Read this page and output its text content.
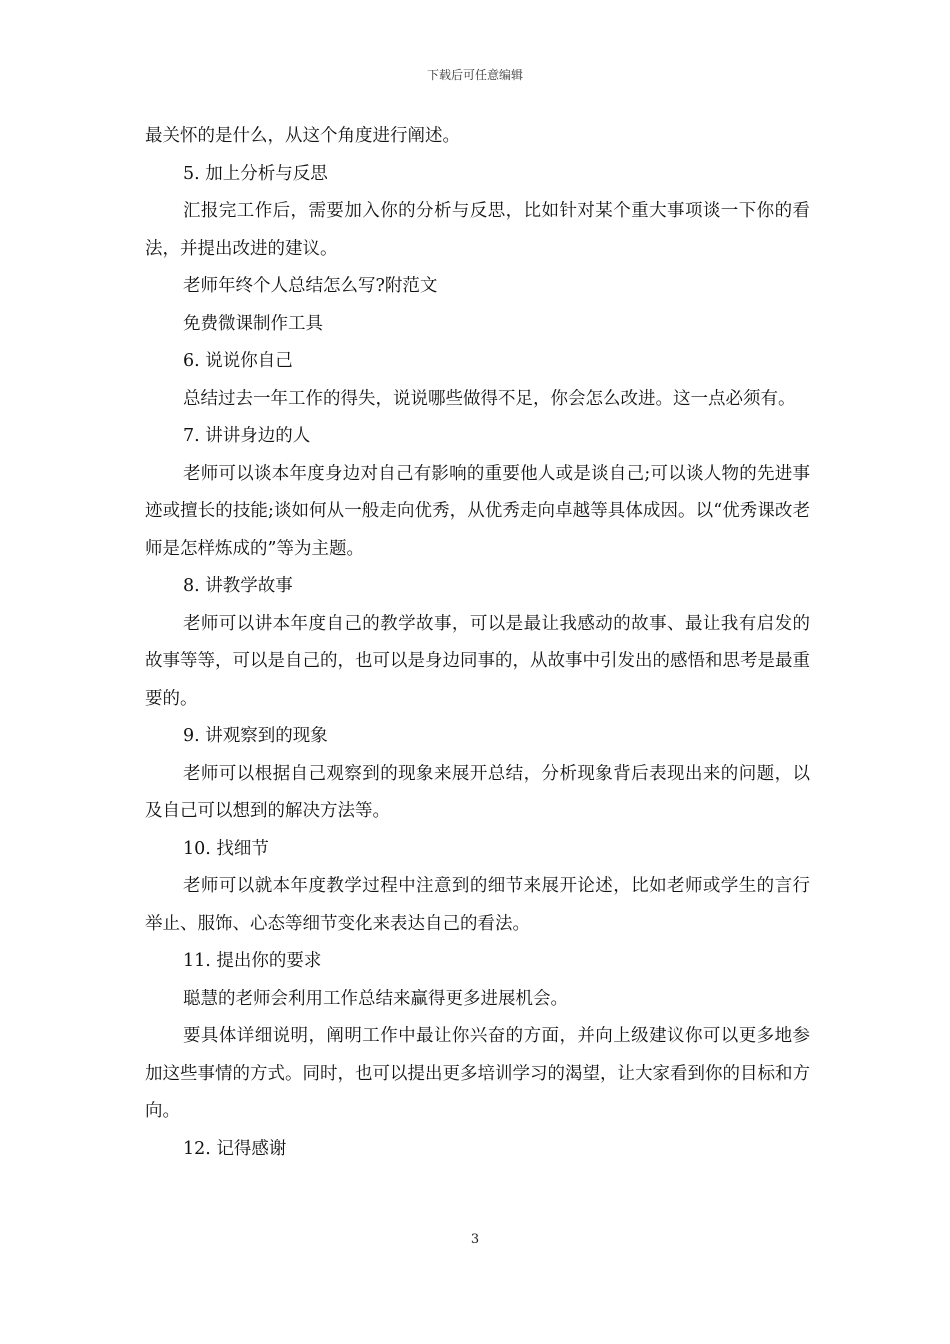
下载后可任意编辑

最关怀的是什么，从这个角度进行阐述。

5. 加上分析与反思

汇报完工作后，需要加入你的分析与反思，比如针对某个重大事项谈一下你的看法，并提出改进的建议。

老师年终个人总结怎么写?附范文

免费微课制作工具

6. 说说你自己

总结过去一年工作的得失，说说哪些做得不足，你会怎么改进。这一点必须有。

7. 讲讲身边的人

老师可以谈本年度身边对自己有影响的重要他人或是谈自己;可以谈人物的先进事迹或擅长的技能;谈如何从一般走向优秀，从优秀走向卓越等具体成因。以“优秀课改老师是怎样炼成的”等为主题。

8. 讲教学故事

老师可以讲本年度自己的教学故事，可以是最让我感动的故事、最让我有启发的故事等等，可以是自己的，也可以是身边同事的，从故事中引发出的感悟和思考是最重要的。

9. 讲观察到的现象

老师可以根据自己观察到的现象来展开总结，分析现象背后表现出来的问题，以及自己可以想到的解决方法等。

10. 找细节

老师可以就本年度教学过程中注意到的细节来展开论述，比如老师或学生的言行举止、服饰、心态等细节变化来表达自己的看法。

11. 提出你的要求

聪慧的老师会利用工作总结来赢得更多进展机会。

要具体详细说明，阐明工作中最让你兴奋的方面，并向上级建议你可以更多地参加这些事情的方式。同时，也可以提出更多培训学习的渴望，让大家看到你的目标和方向。

12. 记得感谢

3
